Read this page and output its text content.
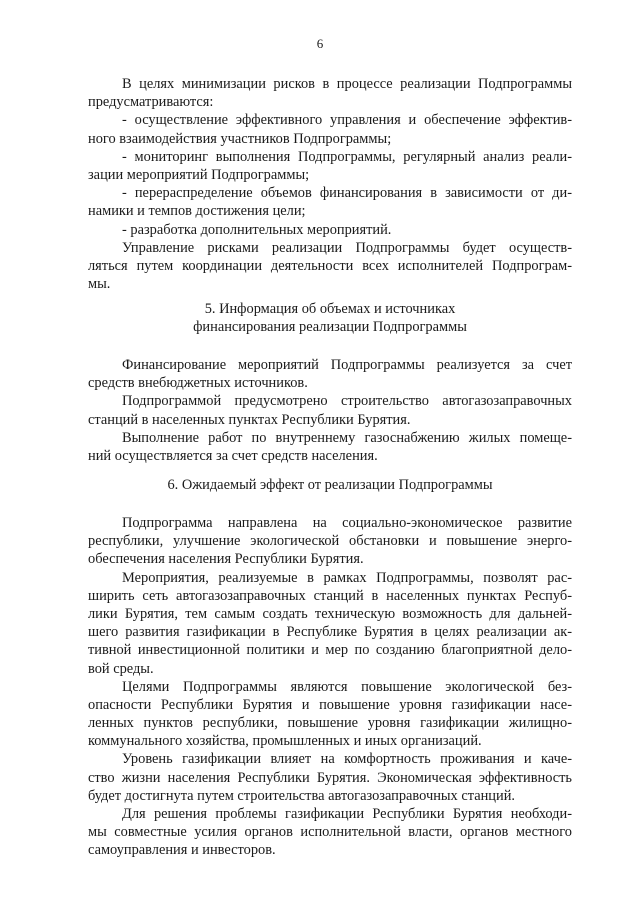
6
В целях минимизации рисков в процессе реализации Подпрограммы
предусматриваются:
- осуществление эффективного управления и обеспечение эффектив-
ного взаимодействия участников Подпрограммы;
- мониторинг выполнения Подпрограммы, регулярный анализ реали-
зации мероприятий Подпрограммы;
- перераспределение объемов финансирования в зависимости от ди-
намики и темпов достижения цели;
- разработка дополнительных мероприятий.
Управление рисками реализации Подпрограммы будет осуществ-
ляться путем координации деятельности всех исполнителей Подпрограм-
мы.
5. Информация об объемах и источниках
финансирования реализации Подпрограммы
Финансирование мероприятий Подпрограммы реализуется за счет
средств внебюджетных источников.
Подпрограммой предусмотрено строительство автогазозаправочных
станций в населенных пунктах Республики Бурятия.
Выполнение работ по внутреннему газоснабжению жилых помеще-
ний осуществляется за счет средств населения.
6. Ожидаемый эффект от реализации Подпрограммы
Подпрограмма направлена на социально-экономическое развитие
республики, улучшение экологической обстановки и повышение энерго-
обеспечения населения Республики Бурятия.
Мероприятия, реализуемые в рамках Подпрограммы, позволят рас-
ширить сеть автогазозаправочных станций в населенных пунктах Респуб-
лики Бурятия, тем самым создать техническую возможность для дальней-
шего развития газификации в Республике Бурятия в целях реализации ак-
тивной инвестиционной политики и мер по созданию благоприятной дело-
вой среды.
Целями Подпрограммы являются повышение экологической без-
опасности Республики Бурятия и повышение уровня газификации насе-
ленных пунктов республики, повышение уровня газификации жилищно-
коммунального хозяйства, промышленных и иных организаций.
Уровень газификации влияет на комфортность проживания и каче-
ство жизни населения Республики Бурятия. Экономическая эффективность
будет достигнута путем строительства автогазозаправочных станций.
Для решения проблемы газификации Республики Бурятия необходи-
мы совместные усилия органов исполнительной власти, органов местного
самоуправления и инвесторов.
